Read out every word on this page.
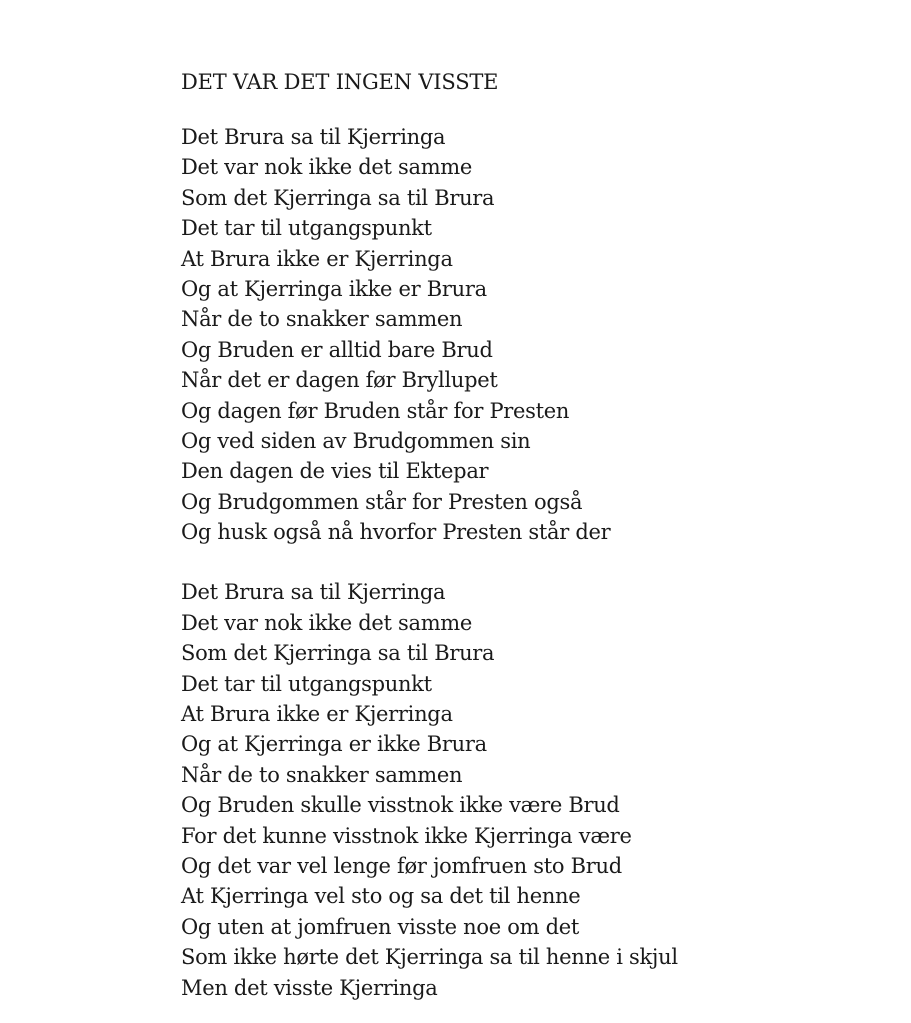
DET VAR DET INGEN VISSTE
Det Brura sa til Kjerringa
Det var nok ikke det samme
Som det Kjerringa sa til Brura
Det tar til utgangspunkt
At Brura ikke er Kjerringa
Og at Kjerringa ikke er Brura
Når de to snakker sammen
Og Bruden er alltid bare Brud
Når det er dagen før Bryllupet
Og dagen før Bruden står for Presten
Og ved siden av Brudgommen sin
Den dagen de vies til Ektepar
Og Brudgommen står for Presten også
Og husk også nå hvorfor Presten står der
Det Brura sa til Kjerringa
Det var nok ikke det samme
Som det Kjerringa sa til Brura
Det tar til utgangspunkt
At Brura ikke er Kjerringa
Og at Kjerringa er ikke Brura
Når de to snakker sammen
Og Bruden skulle visstnok ikke være Brud
For det kunne visstnok ikke Kjerringa være
Og det var vel lenge før jomfruen sto Brud
At Kjerringa vel sto og sa det til henne
Og uten at jomfruen visste noe om det
Som ikke hørte det Kjerringa sa til henne i skjul
Men det visste Kjerringa
